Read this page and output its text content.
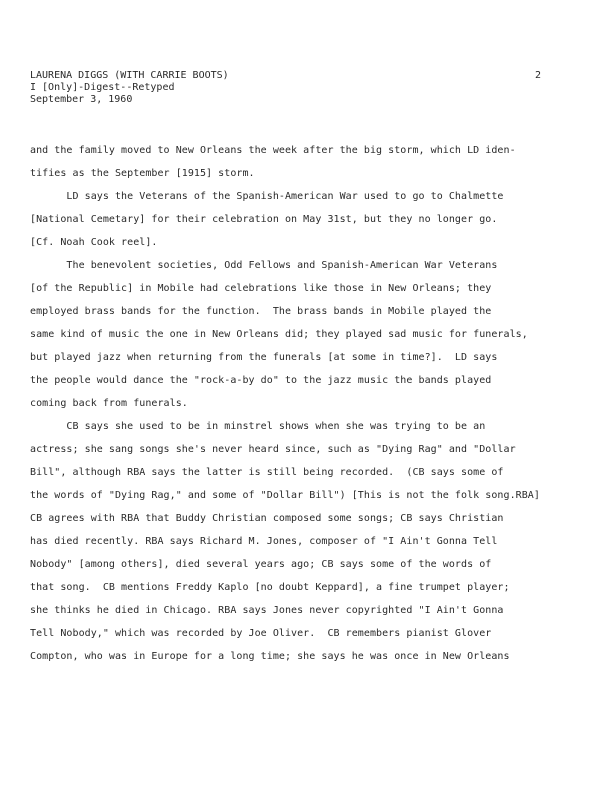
LAURENA DIGGS (WITH CARRIE BOOTS)
I [Only]-Digest--Retyped
September 3, 1960
2
and the family moved to New Orleans the week after the big storm, which LD iden-
tifies as the September [1915] storm.
LD says the Veterans of the Spanish-American War used to go to Chalmette
[National Cemetary] for their celebration on May 31st, but they no longer go.
[Cf. Noah Cook reel].
The benevolent societies, Odd Fellows and Spanish-American War Veterans
[of the Republic] in Mobile had celebrations like those in New Orleans; they
employed brass bands for the function.  The brass bands in Mobile played the
same kind of music the one in New Orleans did; they played sad music for funerals,
but played jazz when returning from the funerals [at some in time?].  LD says
the people would dance the "rock-a-by do" to the jazz music the bands played
coming back from funerals.
CB says she used to be in minstrel shows when she was trying to be an
actress; she sang songs she's never heard since, such as "Dying Rag" and "Dollar
Bill", although RBA says the latter is still being recorded.  (CB says some of
the words of "Dying Rag," and some of "Dollar Bill") [This is not the folk song.RBA]
CB agrees with RBA that Buddy Christian composed some songs; CB says Christian
has died recently. RBA says Richard M. Jones, composer of "I Ain't Gonna Tell
Nobody" [among others], died several years ago; CB says some of the words of
that song.  CB mentions Freddy Kaplo [no doubt Keppard], a fine trumpet player;
she thinks he died in Chicago. RBA says Jones never copyrighted "I Ain't Gonna
Tell Nobody," which was recorded by Joe Oliver.  CB remembers pianist Glover
Compton, who was in Europe for a long time; she says he was once in New Orleans
